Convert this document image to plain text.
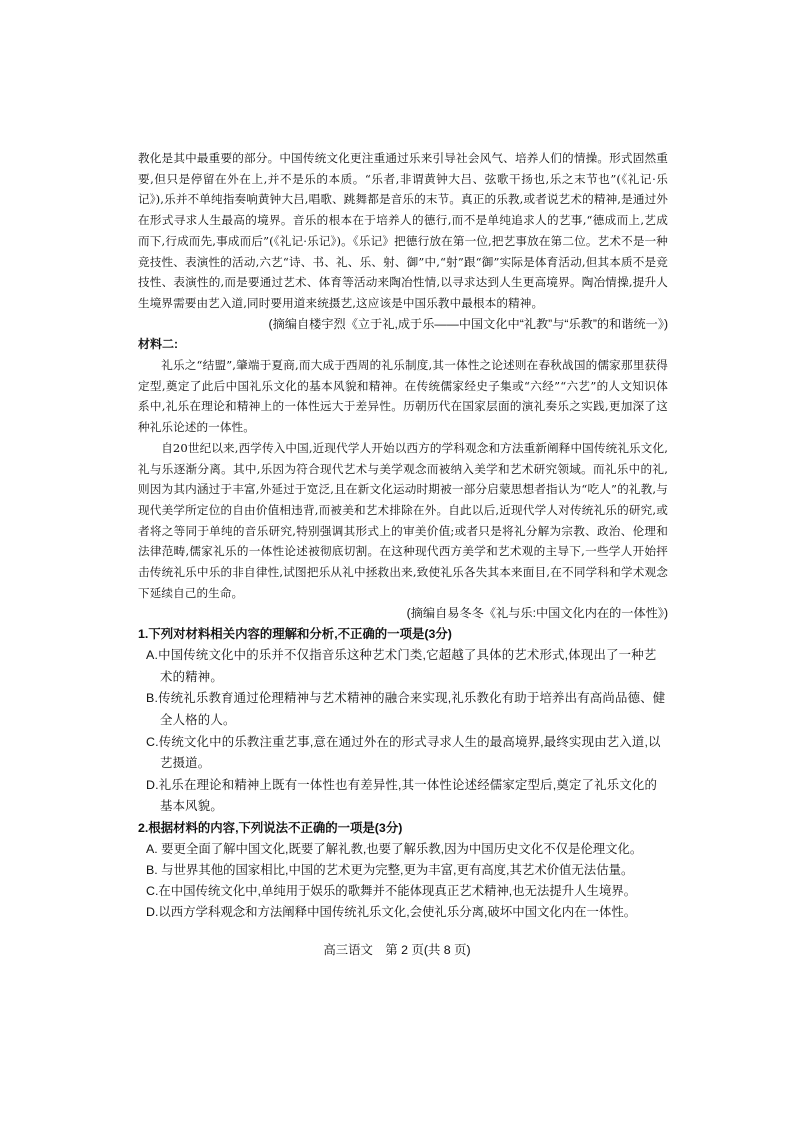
教化是其中最重要的部分。中国传统文化更注重通过乐来引导社会风气、培养人们的情操。形式固然重要,但只是停留在外在上,并不是乐的本质。“乐者,非谓黄钟大吕、弦歌干扬也,乐之末节也”(《礼记·乐记》),乐并不单纯指奏响黄钟大吕,唱歌、跳舞都是音乐的末节。真正的乐教,或者说艺术的精神,是通过外在形式寻求人生最高的境界。音乐的根本在于培养人的德行,而不是单纯追求人的艺事,“德成而上,艺成而下,行成而先,事成而后”(《礼记·乐记》)。《乐记》把德行放在第一位,把艺事放在第二位。艺术不是一种竞技性、表演性的活动,六艺“诗、书、礼、乐、射、御”中,“射”跟“御”实际是体育活动,但其本质不是竞技性、表演性的,而是要通过艺术、体育等活动来陶冶性情,以寻求达到人生更高境界。陶冶情操,提升人生境界需要由艺入道,同时要用道来统摄艺,这应该是中国乐教中最根本的精神。

(摘编自楼宇烈《立于礼,成于乐——中国文化中“礼教”与“乐教”的和谐统一》)

材料二:

礼乐之“结盟”,肇端于夏商,而大成于西周的礼乐制度,其一体性之论述则在春秋战国的儒家那里获得定型,奠定了此后中国礼乐文化的基本风貌和精神。在传统儒家经史子集或“六经”“六艺”的人文知识体系中,礼乐在理论和精神上的一体性远大于差异性。历朝历代在国家层面的演礼奏乐之实践,更加深了这种礼乐论述的一体性。

自20世纪以来,西学传入中国,近现代学人开始以西方的学科观念和方法重新阐释中国传统礼乐文化,礼与乐逐渐分离。其中,乐因为符合现代艺术与美学观念而被纳入美学和艺术研究领域。而礼乐中的礼,则因为其内涵过于丰富,外延过于宽泛,且在新文化运动时期被一部分启蒙思想者指认为“吃人”的礼教,与现代美学所定位的自由价值相违背,而被美和艺术排除在外。自此以后,近现代学人对传统礼乐的研究,或者将之等同于单纯的音乐研究,特别强调其形式上的审美价值;或者只是将礼分解为宗教、政治、伦理和法律范畴,儒家礼乐的一体性论述被彻底切割。在这种现代西方美学和艺术观的主导下,一些学人开始抨击传统礼乐中乐的非自律性,试图把乐从礼中拯救出来,致使礼乐各失其本来面目,在不同学科和学术观念下延续自己的生命。

(摘编自易冬冬《礼与乐:中国文化内在的一体性》)

1.下列对材料相关内容的理解和分析,不正确的一项是(3分)

A.中国传统文化中的乐并不仅指音乐这种艺术门类,它超越了具体的艺术形式,体现出了一种艺术的精神。

B.传统礼乐教育通过伦理精神与艺术精神的融合来实现,礼乐教化有助于培养出有高尚品德、健全人格的人。

C.传统文化中的乐教注重艺事,意在通过外在的形式寻求人生的最高境界,最终实现由艺入道,以艺摄道。

D.礼乐在理论和精神上既有一体性也有差异性,其一体性论述经儒家定型后,奠定了礼乐文化的基本风貌。

2.根据材料的内容,下列说法不正确的一项是(3分)

A. 要更全面了解中国文化,既要了解礼教,也要了解乐教,因为中国历史文化不仅是伦理文化。

B. 与世界其他的国家相比,中国的艺术更为完整,更为丰富,更有高度,其艺术价值无法估量。

C.在中国传统文化中,单纯用于娱乐的歌舞并不能体现真正艺术精神,也无法提升人生境界。

D.以西方学科观念和方法阐释中国传统礼乐文化,会使礼乐分离,破坏中国文化内在一体性。

高三语文　第 2 页(共 8 页)
